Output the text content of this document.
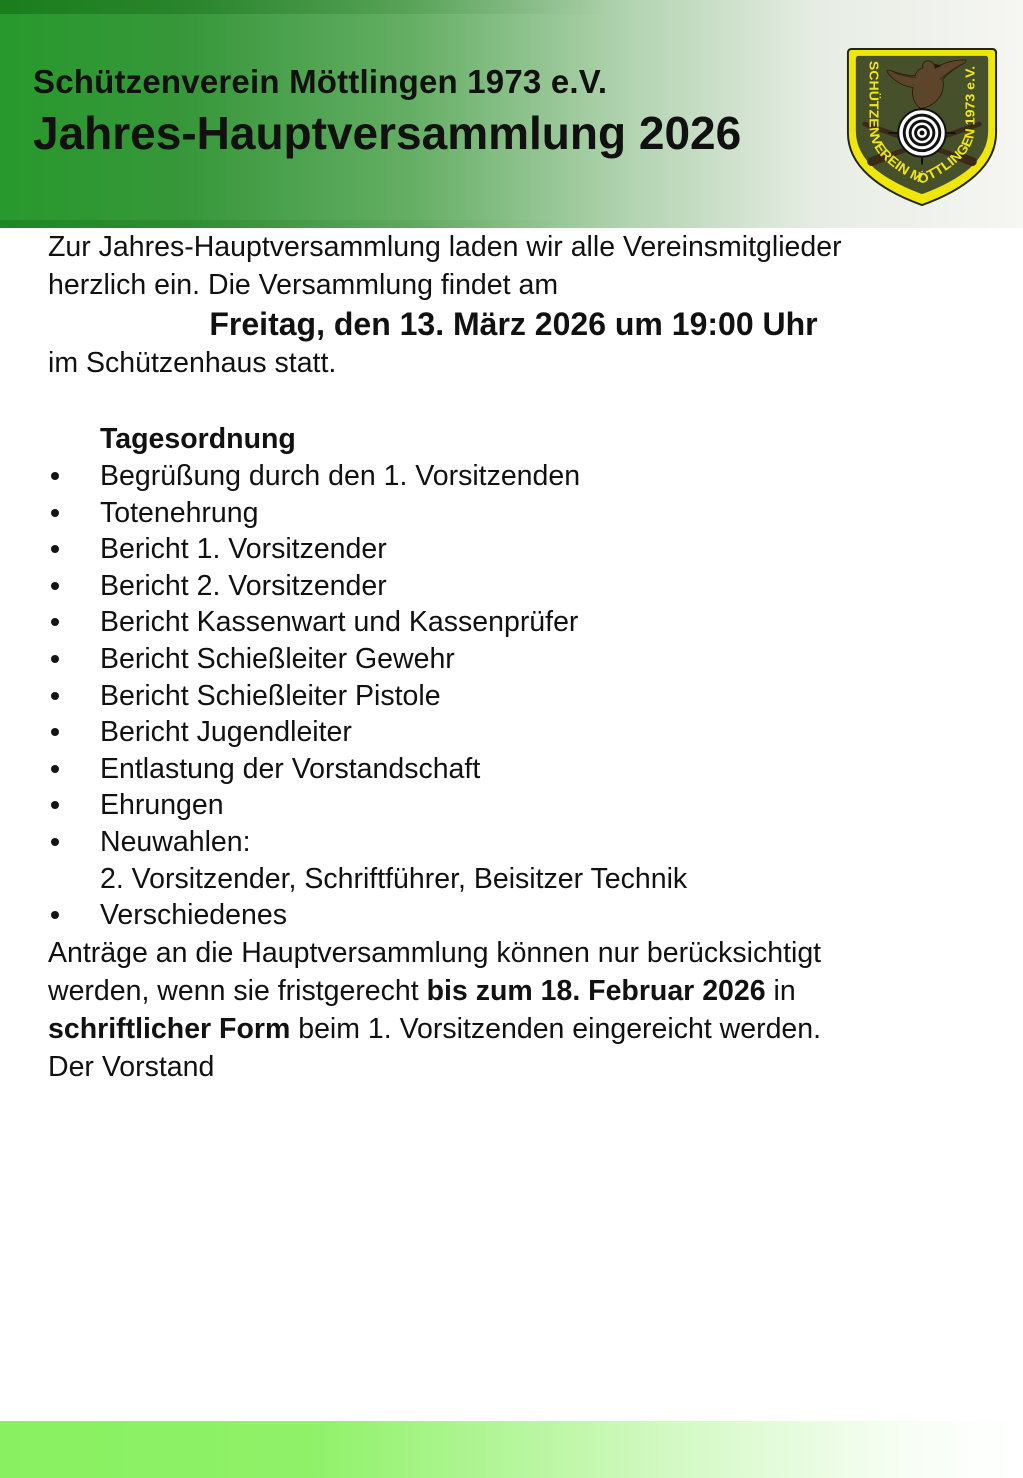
Schützenverein Möttlingen 1973 e.V.
Jahres-Hauptversammlung 2026
SCHÜTZENVEREIN MÖTTLINGEN 1973 e.V.

Zur Jahres-Hauptversammlung laden wir alle Vereinsmitglieder
herzlich ein. Die Versammlung findet am

Freitag, den 13. März 2026 um 19:00 Uhr

im Schützenhaus statt.

Tagesordnung
Begrüßung durch den 1. Vorsitzenden
Totenehrung
Bericht 1. Vorsitzender
Bericht 2. Vorsitzender
Bericht Kassenwart und Kassenprüfer
Bericht Schießleiter Gewehr
Bericht Schießleiter Pistole
Bericht Jugendleiter
Entlastung der Vorstandschaft
Ehrungen
Neuwahlen:
2. Vorsitzender, Schriftführer, Beisitzer Technik
Verschiedenes

Anträge an die Hauptversammlung können nur berücksichtigt
werden, wenn sie fristgerecht bis zum 18. Februar 2026 in
schriftlicher Form beim 1. Vorsitzenden eingereicht werden.

Der Vorstand
